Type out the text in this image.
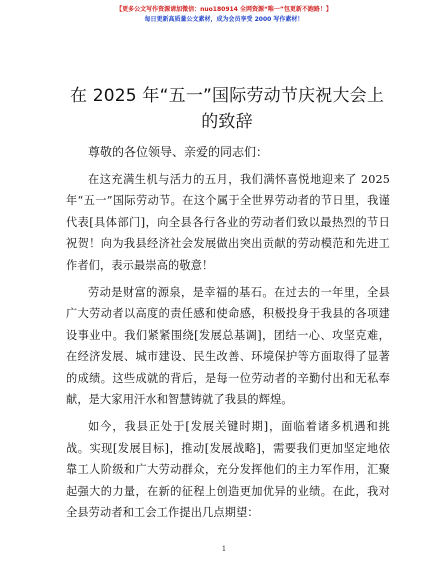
【更多公文写作资源请加微信：nuo180914 全网资源“唯一”包更新不跑路！】
每日更新高质量公文素材，成为会员享受 2000 写作素材！
在 2025 年“五一”国际劳动节庆祝大会上的致辞

尊敬的各位领导、亲爱的同志们：

在这充满生机与活力的五月，我们满怀喜悦地迎来了 2025 年“五一”国际劳动节。在这个属于全世界劳动者的节日里，我谨代表[具体部门]，向全县各行各业的劳动者们致以最热烈的节日祝贺！向为我县经济社会发展做出突出贡献的劳动模范和先进工作者们，表示最崇高的敬意！

劳动是财富的源泉，是幸福的基石。在过去的一年里，全县广大劳动者以高度的责任感和使命感，积极投身于我县的各项建设事业中。我们紧紧围绕[发展总基调]，团结一心、攻坚克难，在经济发展、城市建设、民生改善、环境保护等方面取得了显著的成绩。这些成就的背后，是每一位劳动者的辛勤付出和无私奉献，是大家用汗水和智慧铸就了我县的辉煌。

如今，我县正处于[发展关键时期]，面临着诸多机遇和挑战。实现[发展目标]，推动[发展战略]，需要我们更加坚定地依靠工人阶级和广大劳动群众，充分发挥他们的主力军作用，汇聚起强大的力量，在新的征程上创造更加优异的业绩。在此，我对全县劳动者和工会工作提出几点期望：

1
